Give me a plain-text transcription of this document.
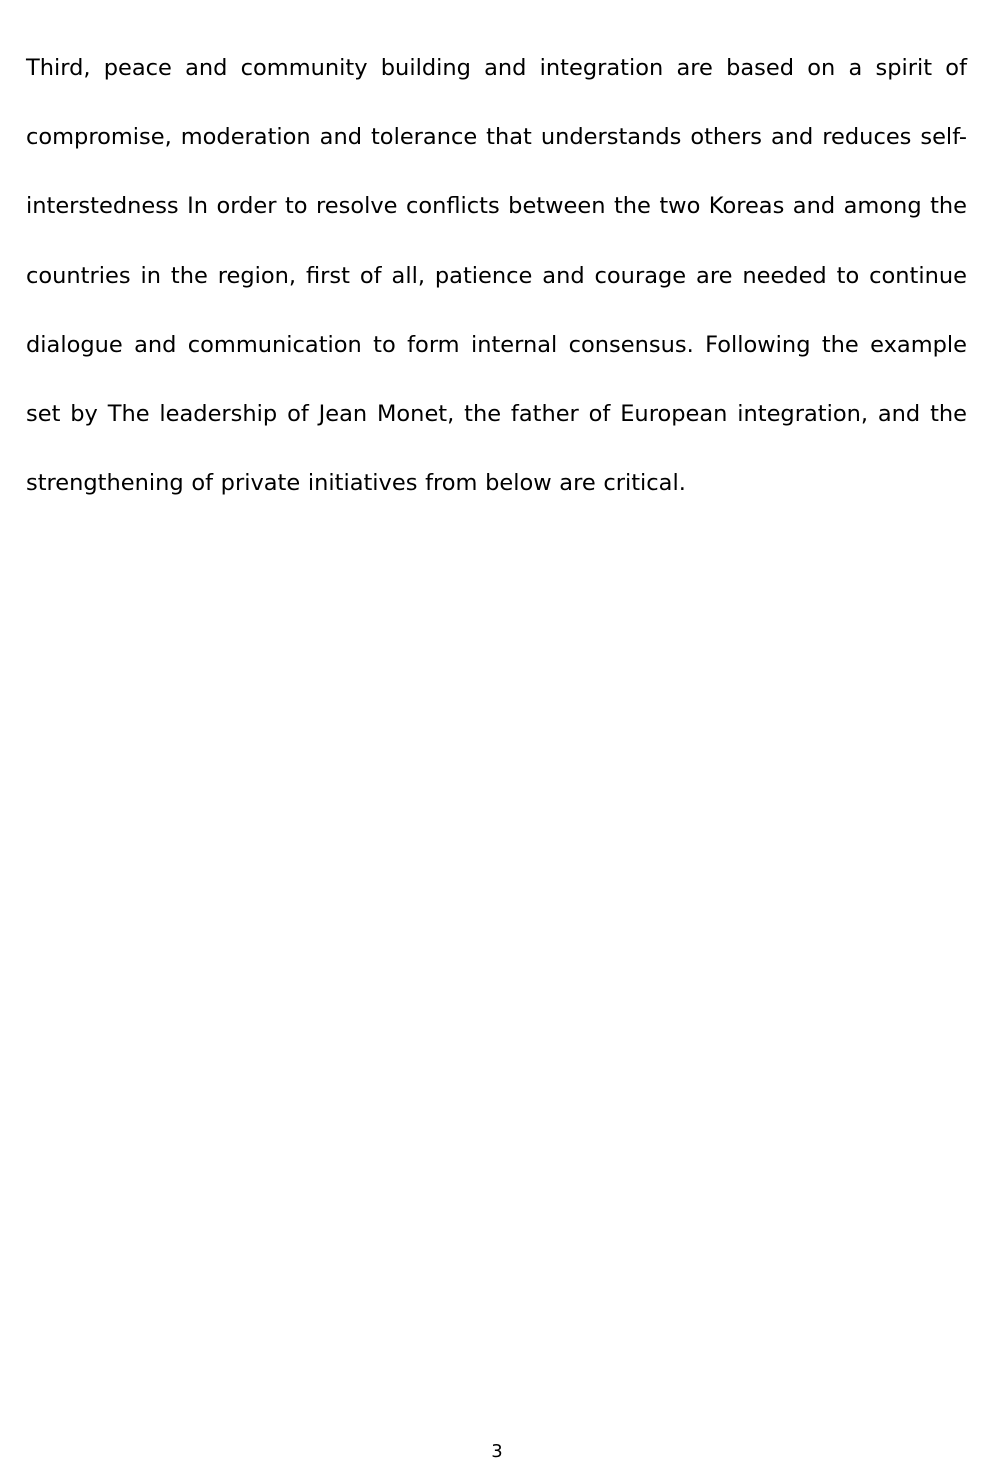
Third, peace and community building and integration are based on a spirit of
compromise, moderation and tolerance that understands others and reduces self-
interstedness In order to resolve conflicts between the two Koreas and among the
countries in the region, first of all, patience and courage are needed to continue
dialogue and communication to form internal consensus. Following the example
set by The leadership of Jean Monet, the father of European integration, and the
strengthening of private initiatives from below are critical.

3
